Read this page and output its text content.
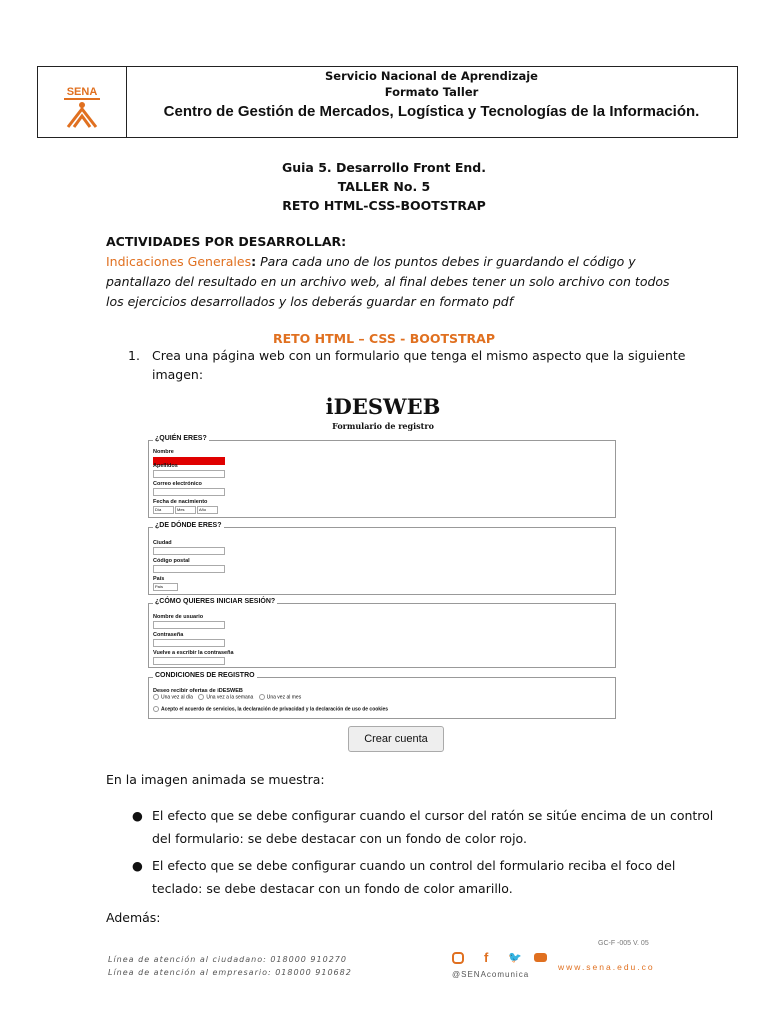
SENA
Servicio Nacional de Aprendizaje
Formato Taller
Centro de Gestión de Mercados, Logística y Tecnologías de la Información.
Guia 5. Desarrollo Front End.
TALLER No. 5
RETO HTML-CSS-BOOTSTRAP
ACTIVIDADES POR DESARROLLAR:
Indicaciones Generales: Para cada uno de los puntos debes ir guardando el código y
pantallazo del resultado en un archivo web, al final debes tener un solo archivo con todos
los ejercicios desarrollados y los deberás guardar en formato pdf
RETO HTML – CSS - BOOTSTRAP
1. Crea una página web con un formulario que tenga el mismo aspecto que la siguiente
imagen:
iDESWEB
Formulario de registro
¿QUIÉN ERES?
Nombre
Apellidos
Correo electrónico
Fecha de nacimiento
Día	Mes	Año
¿DE DÓNDE ERES?
Ciudad
Código postal
País
País
¿CÓMO QUIERES INICIAR SESIÓN?
Nombre de usuario
Contraseña
Vuelve a escribir la contraseña
CONDICIONES DE REGISTRO
Deseo recibir ofertas de iDESWEB
Una vez al día	Una vez a la semana	Una vez al mes
Acepto el acuerdo de servicios, la declaración de privacidad y la declaración de uso de cookies
Crear cuenta
En la imagen animada se muestra:
● El efecto que se debe configurar cuando el cursor del ratón se sitúe encima de un control
del formulario: se debe destacar con un fondo de color rojo.
● El efecto que se debe configurar cuando un control del formulario reciba el foco del
teclado: se debe destacar con un fondo de color amarillo.
Además:
GC-F -005 V. 05
Línea de atención al ciudadano: 018000 910270
Línea de atención al empresario: 018000 910682
f 🐦
@SENAcomunica
www.sena.edu.co
